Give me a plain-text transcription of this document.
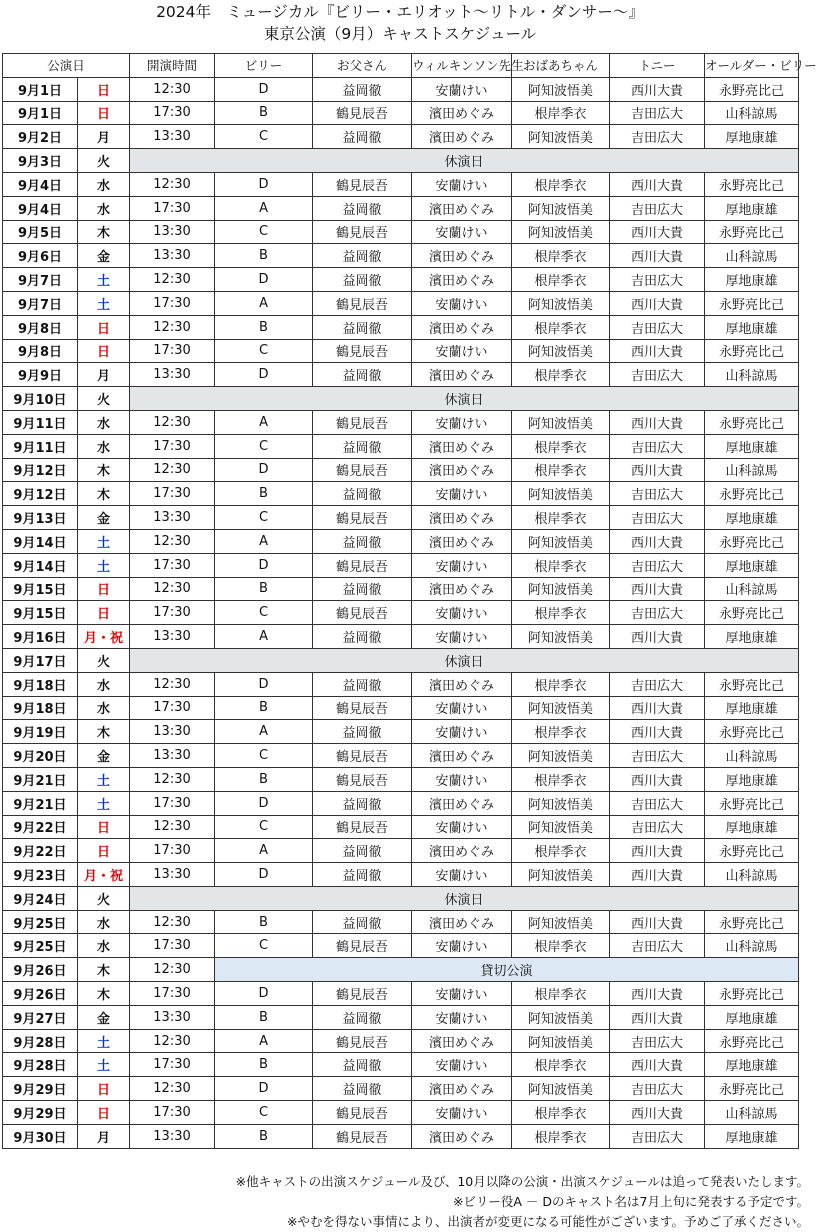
2024年　ミュージカル『ビリー・エリオット～リトル・ダンサー～』
東京公演（9月）キャストスケジュール
公演日		開演時間	ビリー	お父さん	ウィルキンソン先生	おばあちゃん	トニー	オールダー・ビリー
9月1日	日	12:30	D	益岡徹	安蘭けい	阿知波悟美	西川大貴	永野亮比己
9月1日	日	17:30	B	鶴見辰吾	濱田めぐみ	根岸季衣	吉田広大	山科諒馬
9月2日	月	13:30	C	益岡徹	濱田めぐみ	阿知波悟美	吉田広大	厚地康雄
9月3日	火	休演日						
9月4日	水	12:30	D	鶴見辰吾	安蘭けい	根岸季衣	西川大貴	永野亮比己
9月4日	水	17:30	A	益岡徹	濱田めぐみ	阿知波悟美	吉田広大	厚地康雄
9月5日	木	13:30	C	鶴見辰吾	安蘭けい	阿知波悟美	西川大貴	永野亮比己
9月6日	金	13:30	B	益岡徹	濱田めぐみ	根岸季衣	西川大貴	山科諒馬
9月7日	土	12:30	D	益岡徹	濱田めぐみ	根岸季衣	吉田広大	厚地康雄
9月7日	土	17:30	A	鶴見辰吾	安蘭けい	阿知波悟美	西川大貴	永野亮比己
9月8日	日	12:30	B	益岡徹	濱田めぐみ	根岸季衣	吉田広大	厚地康雄
9月8日	日	17:30	C	鶴見辰吾	安蘭けい	阿知波悟美	西川大貴	永野亮比己
9月9日	月	13:30	D	益岡徹	濱田めぐみ	根岸季衣	吉田広大	山科諒馬
9月10日	火	休演日						
9月11日	水	12:30	A	鶴見辰吾	安蘭けい	阿知波悟美	西川大貴	永野亮比己
9月11日	水	17:30	C	益岡徹	濱田めぐみ	根岸季衣	吉田広大	厚地康雄
9月12日	木	12:30	D	鶴見辰吾	濱田めぐみ	根岸季衣	西川大貴	山科諒馬
9月12日	木	17:30	B	益岡徹	安蘭けい	阿知波悟美	吉田広大	永野亮比己
9月13日	金	13:30	C	鶴見辰吾	濱田めぐみ	根岸季衣	吉田広大	厚地康雄
9月14日	土	12:30	A	益岡徹	濱田めぐみ	阿知波悟美	西川大貴	永野亮比己
9月14日	土	17:30	D	鶴見辰吾	安蘭けい	根岸季衣	吉田広大	厚地康雄
9月15日	日	12:30	B	益岡徹	濱田めぐみ	阿知波悟美	西川大貴	山科諒馬
9月15日	日	17:30	C	鶴見辰吾	安蘭けい	根岸季衣	吉田広大	永野亮比己
9月16日	月・祝	13:30	A	益岡徹	安蘭けい	阿知波悟美	西川大貴	厚地康雄
9月17日	火	休演日						
9月18日	水	12:30	D	益岡徹	濱田めぐみ	根岸季衣	吉田広大	永野亮比己
9月18日	水	17:30	B	鶴見辰吾	安蘭けい	阿知波悟美	西川大貴	厚地康雄
9月19日	木	13:30	A	益岡徹	安蘭けい	根岸季衣	西川大貴	永野亮比己
9月20日	金	13:30	C	鶴見辰吾	濱田めぐみ	阿知波悟美	吉田広大	山科諒馬
9月21日	土	12:30	B	鶴見辰吾	安蘭けい	根岸季衣	西川大貴	厚地康雄
9月21日	土	17:30	D	益岡徹	濱田めぐみ	阿知波悟美	吉田広大	永野亮比己
9月22日	日	12:30	C	鶴見辰吾	安蘭けい	阿知波悟美	吉田広大	厚地康雄
9月22日	日	17:30	A	益岡徹	濱田めぐみ	根岸季衣	西川大貴	永野亮比己
9月23日	月・祝	13:30	D	益岡徹	安蘭けい	阿知波悟美	西川大貴	山科諒馬
9月24日	火	休演日						
9月25日	水	12:30	B	益岡徹	濱田めぐみ	阿知波悟美	西川大貴	永野亮比己
9月25日	水	17:30	C	鶴見辰吾	安蘭けい	根岸季衣	吉田広大	山科諒馬
9月26日	木	12:30	貸切公演					
9月26日	木	17:30	D	鶴見辰吾	安蘭けい	根岸季衣	西川大貴	永野亮比己
9月27日	金	13:30	B	益岡徹	安蘭けい	阿知波悟美	西川大貴	厚地康雄
9月28日	土	12:30	A	鶴見辰吾	濱田めぐみ	阿知波悟美	吉田広大	永野亮比己
9月28日	土	17:30	B	益岡徹	安蘭けい	根岸季衣	西川大貴	厚地康雄
9月29日	日	12:30	D	益岡徹	濱田めぐみ	阿知波悟美	吉田広大	永野亮比己
9月29日	日	17:30	C	鶴見辰吾	安蘭けい	根岸季衣	西川大貴	山科諒馬
9月30日	月	13:30	B	鶴見辰吾	濱田めぐみ	根岸季衣	吉田広大	厚地康雄
※他キャストの出演スケジュール及び、10月以降の公演・出演スケジュールは追って発表いたします。
※ビリー役A － Dのキャスト名は7月上旬に発表する予定です。
※やむを得ない事情により、出演者が変更になる可能性がございます。予めご了承ください。
